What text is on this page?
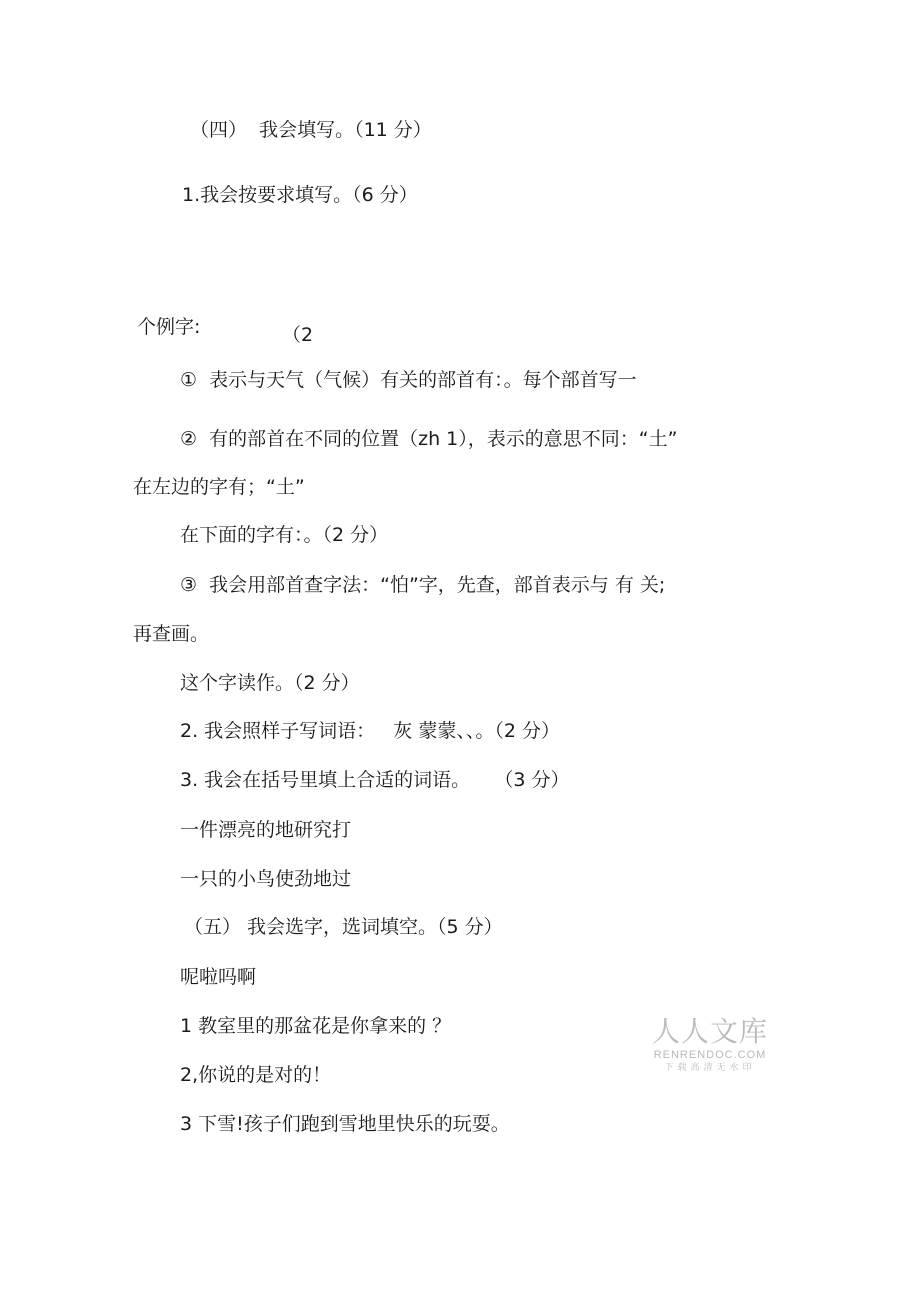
（四）  我会填写。（11 分）

1.我会按要求填写。（6 分）

个例字:	（2

①  表示与天气（气候）有关的部首有：。每个部首写一

②  有的部首在不同的位置（zh 1），表示的意思不同：“土”

在左边的字有；“土”

在下面的字有：。（2 分）

③  我会用部首查字法：“怕”字，先查，部首表示与 有 关;

再查画。

这个字读作。（2 分）

2. 我会照样子写词语：   灰 蒙蒙、、。（2 分）

3. 我会在括号里填上合适的词语。    （3 分）

一件漂亮的地研究打

一只的小鸟使劲地过

（五） 我会选字，选词填空。（5 分）

呢啦吗啊

1 教室里的那盆花是你拿来的 ？

2,你说的是对的！

3 下雪!孩子们跑到雪地里快乐的玩耍。

人人文库
RENRENDOC.COM
下载高清无水印
